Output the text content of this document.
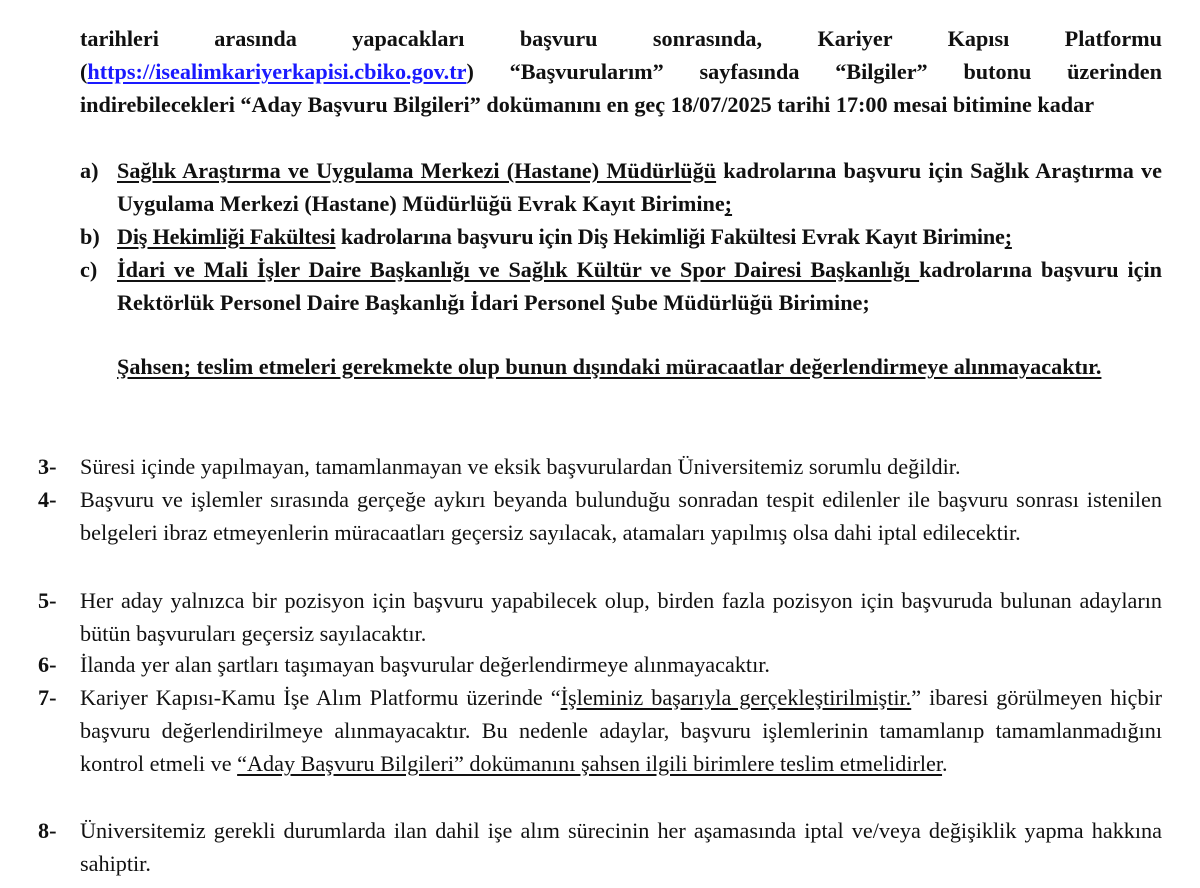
tarihleri arasında yapacakları başvuru sonrasında, Kariyer Kapısı Platformu (https://isealimkariyerkapisi.cbiko.gov.tr) “Başvurularım” sayfasında “Bilgiler” butonu üzerinden indirebilecekleri “Aday Başvuru Bilgileri” dokümanını en geç 18/07/2025 tarihi 17:00 mesai bitimine kadar
a) Sağlık Araştırma ve Uygulama Merkezi (Hastane) Müdürlüğü kadrolarına başvuru için Sağlık Araştırma ve Uygulama Merkezi (Hastane) Müdürlüğü Evrak Kayıt Birimine;
b) Diş Hekimliği Fakültesi kadrolarına başvuru için Diş Hekimliği Fakültesi Evrak Kayıt Birimine;
c) İdari ve Mali İşler Daire Başkanlığı ve Sağlık Kültür ve Spor Dairesi Başkanlığı kadrolarına başvuru için Rektörlük Personel Daire Başkanlığı İdari Personel Şube Müdürlüğü Birimine;
Şahsen; teslim etmeleri gerekmekte olup bunun dışındaki müracaatlar değerlendirmeye alınmayacaktır.
3- Süresi içinde yapılmayan, tamamlanmayan ve eksik başvurulardan Üniversitemiz sorumlu değildir.
4- Başvuru ve işlemler sırasında gerçeğe aykırı beyanda bulunduğu sonradan tespit edilenler ile başvuru sonrası istenilen belgeleri ibraz etmeyenlerin müracaatları geçersiz sayılacak, atamaları yapılmış olsa dahi iptal edilecektir.
5- Her aday yalnızca bir pozisyon için başvuru yapabilecek olup, birden fazla pozisyon için başvuruda bulunan adayların bütün başvuruları geçersiz sayılacaktır.
6- İlanda yer alan şartları taşımayan başvurular değerlendirmeye alınmayacaktır.
7- Kariyer Kapısı-Kamu İşe Alım Platformu üzerinde “İşleminiz başarıyla gerçekleştirilmiştir.” ibaresi görülmeyen hiçbir başvuru değerlendirilmeye alınmayacaktır. Bu nedenle adaylar, başvuru işlemlerinin tamamlanıp tamamlanmadığını kontrol etmeli ve “Aday Başvuru Bilgileri” dokümanını şahsen ilgili birimlere teslim etmelidirler.
8- Üniversitemiz gerekli durumlarda ilan dahil işe alım sürecinin her aşamasında iptal ve/veya değişiklik yapma hakkına sahiptir.
